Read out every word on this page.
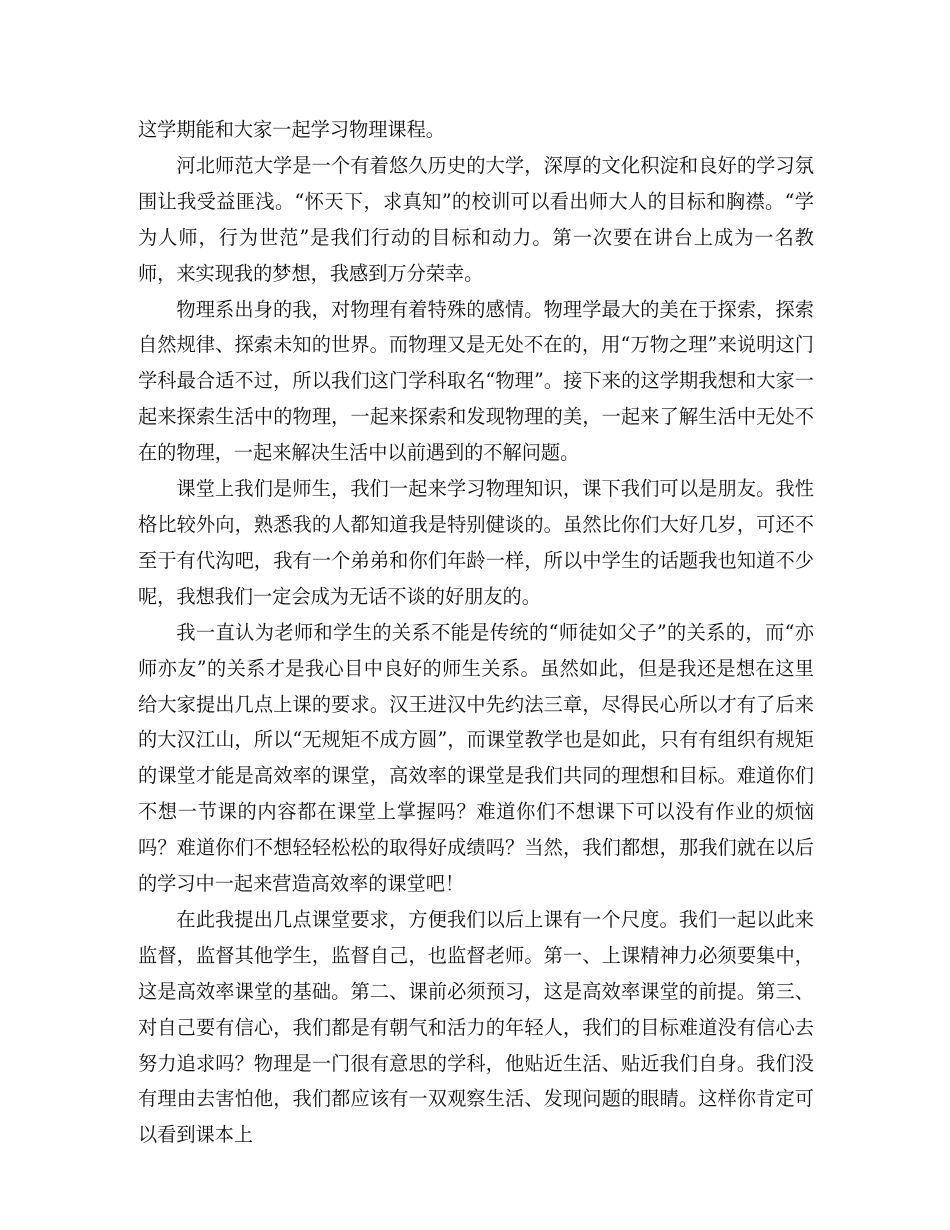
这学期能和大家一起学习物理课程。

河北师范大学是一个有着悠久历史的大学，深厚的文化积淀和良好的学习氛围让我受益匪浅。“怀天下，求真知”的校训可以看出师大人的目标和胸襟。“学为人师，行为世范”是我们行动的目标和动力。第一次要在讲台上成为一名教师，来实现我的梦想，我感到万分荣幸。

物理系出身的我，对物理有着特殊的感情。物理学最大的美在于探索，探索自然规律、探索未知的世界。而物理又是无处不在的，用“万物之理”来说明这门学科最合适不过，所以我们这门学科取名“物理”。接下来的这学期我想和大家一起来探索生活中的物理，一起来探索和发现物理的美，一起来了解生活中无处不在的物理，一起来解决生活中以前遇到的不解问题。

课堂上我们是师生，我们一起来学习物理知识，课下我们可以是朋友。我性格比较外向，熟悉我的人都知道我是特别健谈的。虽然比你们大好几岁，可还不至于有代沟吧，我有一个弟弟和你们年龄一样，所以中学生的话题我也知道不少呢，我想我们一定会成为无话不谈的好朋友的。

我一直认为老师和学生的关系不能是传统的“师徒如父子”的关系的，而“亦师亦友”的关系才是我心目中良好的师生关系。虽然如此，但是我还是想在这里给大家提出几点上课的要求。汉王进汉中先约法三章，尽得民心所以才有了后来的大汉江山，所以“无规矩不成方圆”，而课堂教学也是如此，只有有组织有规矩的课堂才能是高效率的课堂，高效率的课堂是我们共同的理想和目标。难道你们不想一节课的内容都在课堂上掌握吗？难道你们不想课下可以没有作业的烦恼吗？难道你们不想轻轻松松的取得好成绩吗？当然，我们都想，那我们就在以后的学习中一起来营造高效率的课堂吧！

在此我提出几点课堂要求，方便我们以后上课有一个尺度。我们一起以此来监督，监督其他学生，监督自己，也监督老师。第一、上课精神力必须要集中，这是高效率课堂的基础。第二、课前必须预习，这是高效率课堂的前提。第三、对自己要有信心，我们都是有朝气和活力的年轻人，我们的目标难道没有信心去努力追求吗？物理是一门很有意思的学科，他贴近生活、贴近我们自身。我们没有理由去害怕他，我们都应该有一双观察生活、发现问题的眼睛。这样你肯定可以看到课本上
